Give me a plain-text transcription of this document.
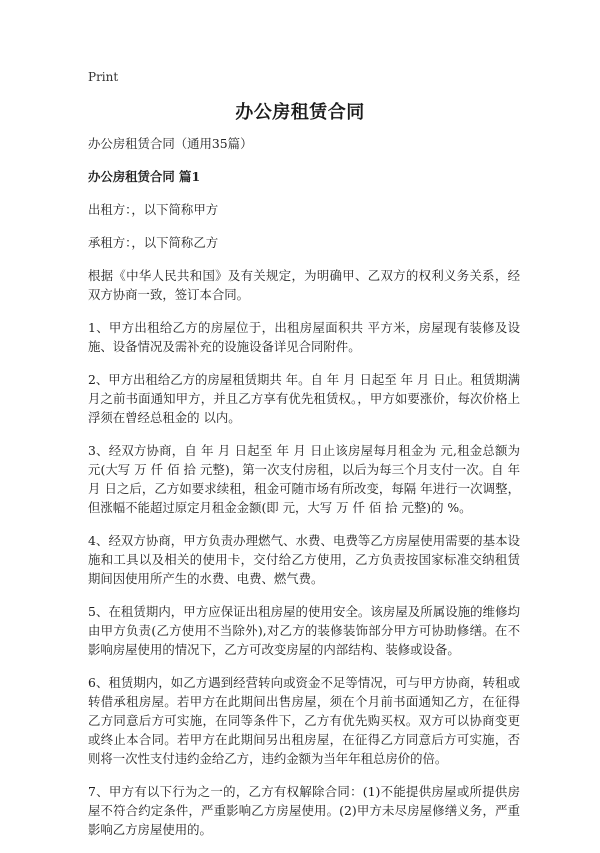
Print
办公房租赁合同

办公房租赁合同（通用35篇）

办公房租赁合同 篇1

出租方：，以下简称甲方

承租方：，以下简称乙方

根据《中华人民共和国》及有关规定，为明确甲、乙双方的权利义务关系，经双方协商一致，签订本合同。

1、甲方出租给乙方的房屋位于，出租房屋面积共 平方米，房屋现有装修及设施、设备情况及需补充的设施设备详见合同附件。

2、甲方出租给乙方的房屋租赁期共 年。自 年 月 日起至 年 月 日止。租赁期满月之前书面通知甲方，并且乙方享有优先租赁权。，甲方如要涨价，每次价格上浮须在曾经总租金的 以内。

3、经双方协商，自 年 月 日起至 年 月 日止该房屋每月租金为 元,租金总额为 元(大写 万 仟 佰 拾 元整)，第一次支付房租，以后为每三个月支付一次。自 年 月 日之后，乙方如要求续租，租金可随市场有所改变，每隔 年进行一次调整，但涨幅不能超过原定月租金金额(即 元，大写 万 仟 佰 拾 元整)的 %。

4、经双方协商，甲方负责办理燃气、水费、电费等乙方房屋使用需要的基本设施和工具以及相关的使用卡，交付给乙方使用，乙方负责按国家标准交纳租赁期间因使用所产生的水费、电费、燃气费。

5、在租赁期内，甲方应保证出租房屋的使用安全。该房屋及所属设施的维修均由甲方负责(乙方使用不当除外),对乙方的装修装饰部分甲方可协助修缮。在不影响房屋使用的情况下，乙方可改变房屋的内部结构、装修或设备。

6、租赁期内，如乙方遇到经营转向或资金不足等情况，可与甲方协商，转租或转借承租房屋。若甲方在此期间出售房屋，须在个月前书面通知乙方，在征得乙方同意后方可实施，在同等条件下，乙方有优先购买权。双方可以协商变更或终止本合同。若甲方在此期间另出租房屋，在征得乙方同意后方可实施，否则将一次性支付违约金给乙方，违约金额为当年年租总房价的倍。

7、甲方有以下行为之一的，乙方有权解除合同：(1)不能提供房屋或所提供房屋不符合约定条件，严重影响乙方房屋使用。(2)甲方未尽房屋修缮义务，严重影响乙方房屋使用的。
